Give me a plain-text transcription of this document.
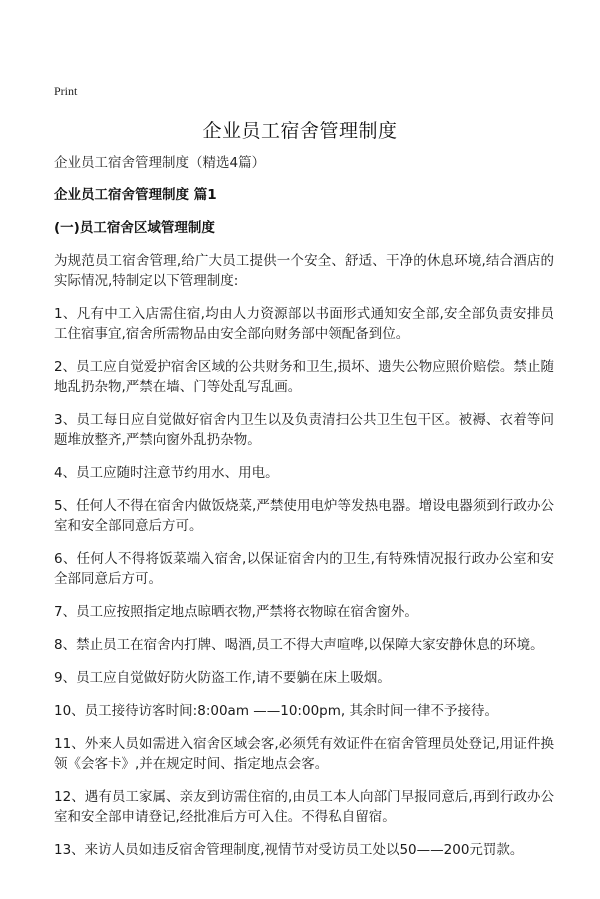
Print
企业员工宿舍管理制度

企业员工宿舍管理制度（精选4篇）

企业员工宿舍管理制度 篇1

(一)员工宿舍区域管理制度

为规范员工宿舍管理,给广大员工提供一个安全、舒适、干净的休息环境,结合酒店的实际情况,特制定以下管理制度:

1、凡有中工入店需住宿,均由人力资源部以书面形式通知安全部,安全部负责安排员工住宿事宜,宿舍所需物品由安全部向财务部中领配备到位。

2、员工应自觉爱护宿舍区域的公共财务和卫生,损坏、遗失公物应照价赔偿。禁止随地乱扔杂物,严禁在墙、门等处乱写乱画。

3、员工每日应自觉做好宿舍内卫生以及负责清扫公共卫生包干区。被褥、衣着等问题堆放整齐,严禁向窗外乱扔杂物。

4、员工应随时注意节约用水、用电。

5、任何人不得在宿舍内做饭烧菜,严禁使用电炉等发热电器。增设电器须到行政办公室和安全部同意后方可。

6、任何人不得将饭菜端入宿舍,以保证宿舍内的卫生,有特殊情况报行政办公室和安全部同意后方可。

7、员工应按照指定地点晾晒衣物,严禁将衣物晾在宿舍窗外。

8、禁止员工在宿舍内打牌、喝酒,员工不得大声喧哗,以保障大家安静休息的环境。

9、员工应自觉做好防火防盗工作,请不要躺在床上吸烟。

10、员工接待访客时间:8:00am ——10:00pm, 其余时间一律不予接待。

11、外来人员如需进入宿舍区域会客,必须凭有效证件在宿舍管理员处登记,用证件换领《会客卡》,并在规定时间、指定地点会客。

12、遇有员工家属、亲友到访需住宿的,由员工本人向部门早报同意后,再到行政办公室和安全部申请登记,经批准后方可入住。不得私自留宿。

13、来访人员如违反宿舍管理制度,视情节对受访员工处以50——200元罚款。
